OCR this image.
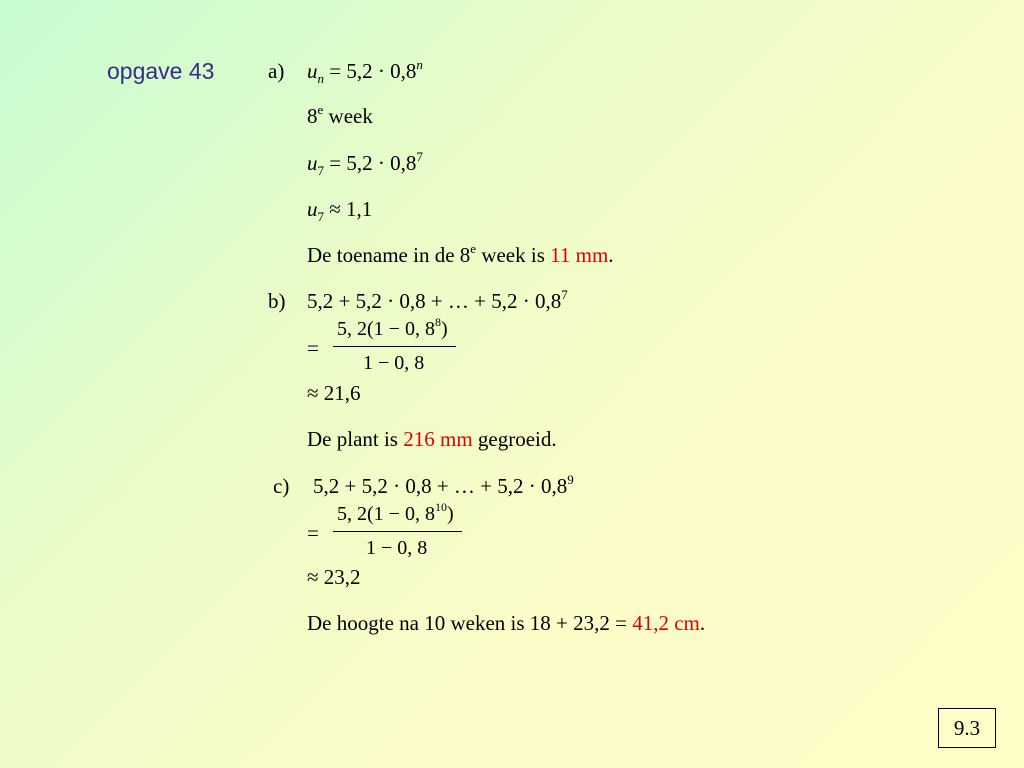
opgave 43	a) $u_n = 5,2 \cdot 0,8^n$
8e week
$u_7 = 5,2 \cdot 0,8^7$
$u_7 \approx 1,1$
De toename in de 8e week is 11 mm.
b) 5,2 + 5,2 · 0,8 + … + $5,2 \cdot 0,8^7$
=
5, 2(1 − 0, $8^8$)
1 − 0, 8
≈ 21,6
De plant is 216 mm gegroeid.
c) 5,2 + 5,2 · 0,8 + … + $5,2 \cdot 0,8^9$
=
5, 2(1 − 0, $8^{10}$)
1 − 0, 8
≈ 23,2
De hoogte na 10 weken is 18 + 23,2 = 41,2 cm.
9.3
